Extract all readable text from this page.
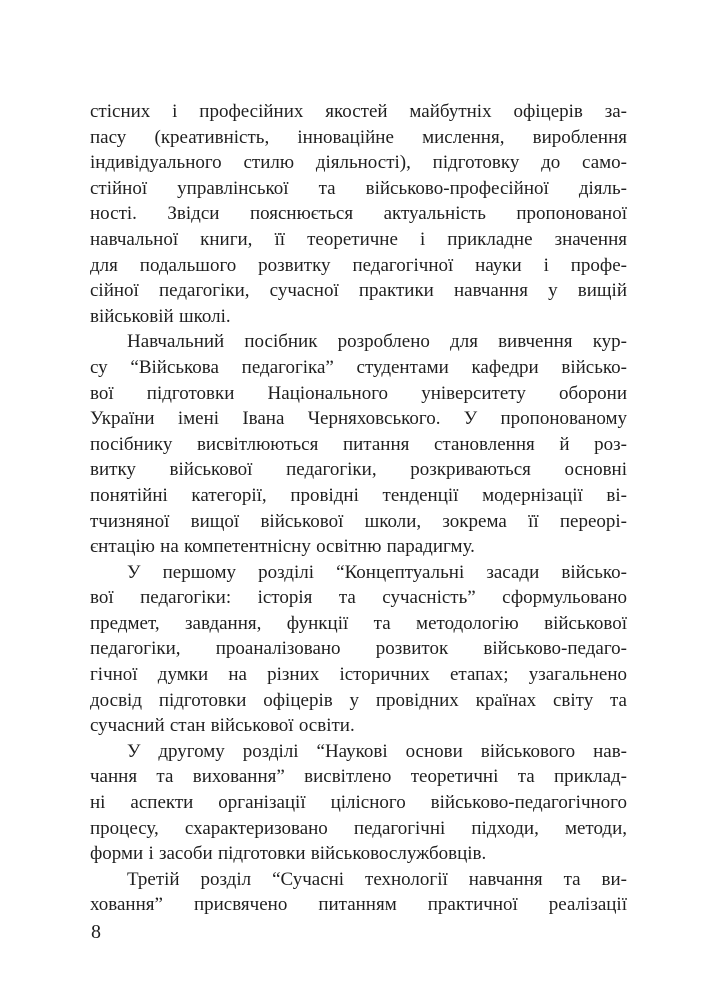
стісних і професійних якостей майбутніх офіцерів за-
пасу (креативність, інноваційне мислення, вироблення
індивідуального стилю діяльності), підготовку до само-
стійної управлінської та військово-професійної діяль-
ності. Звідси пояснюється актуальність пропонованої
навчальної книги, її теоретичне і прикладне значення
для подальшого розвитку педагогічної науки і профе-
сійної педагогіки, сучасної практики навчання у вищій
військовій школі.
Навчальний посібник розроблено для вивчення кур-
су “Військова педагогіка” студентами кафедри військо-
вої підготовки Національного університету оборони
України імені Івана Черняховського. У пропонованому
посібнику висвітлюються питання становлення й роз-
витку військової педагогіки, розкриваються основні
понятійні категорії, провідні тенденції модернізації ві-
тчизняної вищої військової школи, зокрема її переорі-
єнтацію на компетентнісну освітню парадигму.
У першому розділі “Концептуальні засади військо-
вої педагогіки: історія та сучасність” сформульовано
предмет, завдання, функції та методологію військової
педагогіки, проаналізовано розвиток військово-педаго-
гічної думки на різних історичних етапах; узагальнено
досвід підготовки офіцерів у провідних країнах світу та
сучасний стан військової освіти.
У другому розділі “Наукові основи військового нав-
чання та виховання” висвітлено теоретичні та приклад-
ні аспекти організації цілісного військово-педагогічного
процесу, схарактеризовано педагогічні підходи, методи,
форми і засоби підготовки військовослужбовців.
Третій розділ “Сучасні технології навчання та ви-
ховання” присвячено питанням практичної реалізації
8
